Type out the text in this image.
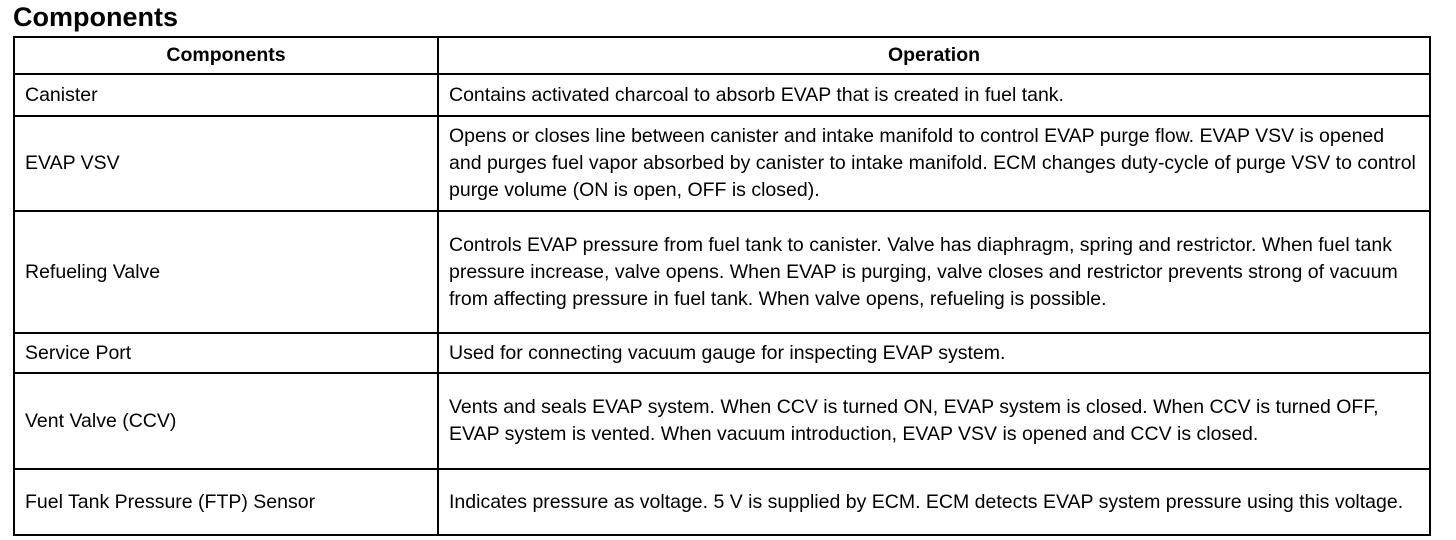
Components
Components	Operation
Canister	Contains activated charcoal to absorb EVAP that is created in fuel tank.
EVAP VSV	Opens or closes line between canister and intake manifold to control EVAP purge flow. EVAP VSV is opened and purges fuel vapor absorbed by canister to intake manifold. ECM changes duty-cycle of purge VSV to control purge volume (ON is open, OFF is closed).
Refueling Valve	Controls EVAP pressure from fuel tank to canister. Valve has diaphragm, spring and restrictor. When fuel tank pressure increase, valve opens. When EVAP is purging, valve closes and restrictor prevents strong of vacuum from affecting pressure in fuel tank. When valve opens, refueling is possible.
Service Port	Used for connecting vacuum gauge for inspecting EVAP system.
Vent Valve (CCV)	Vents and seals EVAP system. When CCV is turned ON, EVAP system is closed. When CCV is turned OFF, EVAP system is vented. When vacuum introduction, EVAP VSV is opened and CCV is closed.
Fuel Tank Pressure (FTP) Sensor	Indicates pressure as voltage. 5 V is supplied by ECM. ECM detects EVAP system pressure using this voltage.
